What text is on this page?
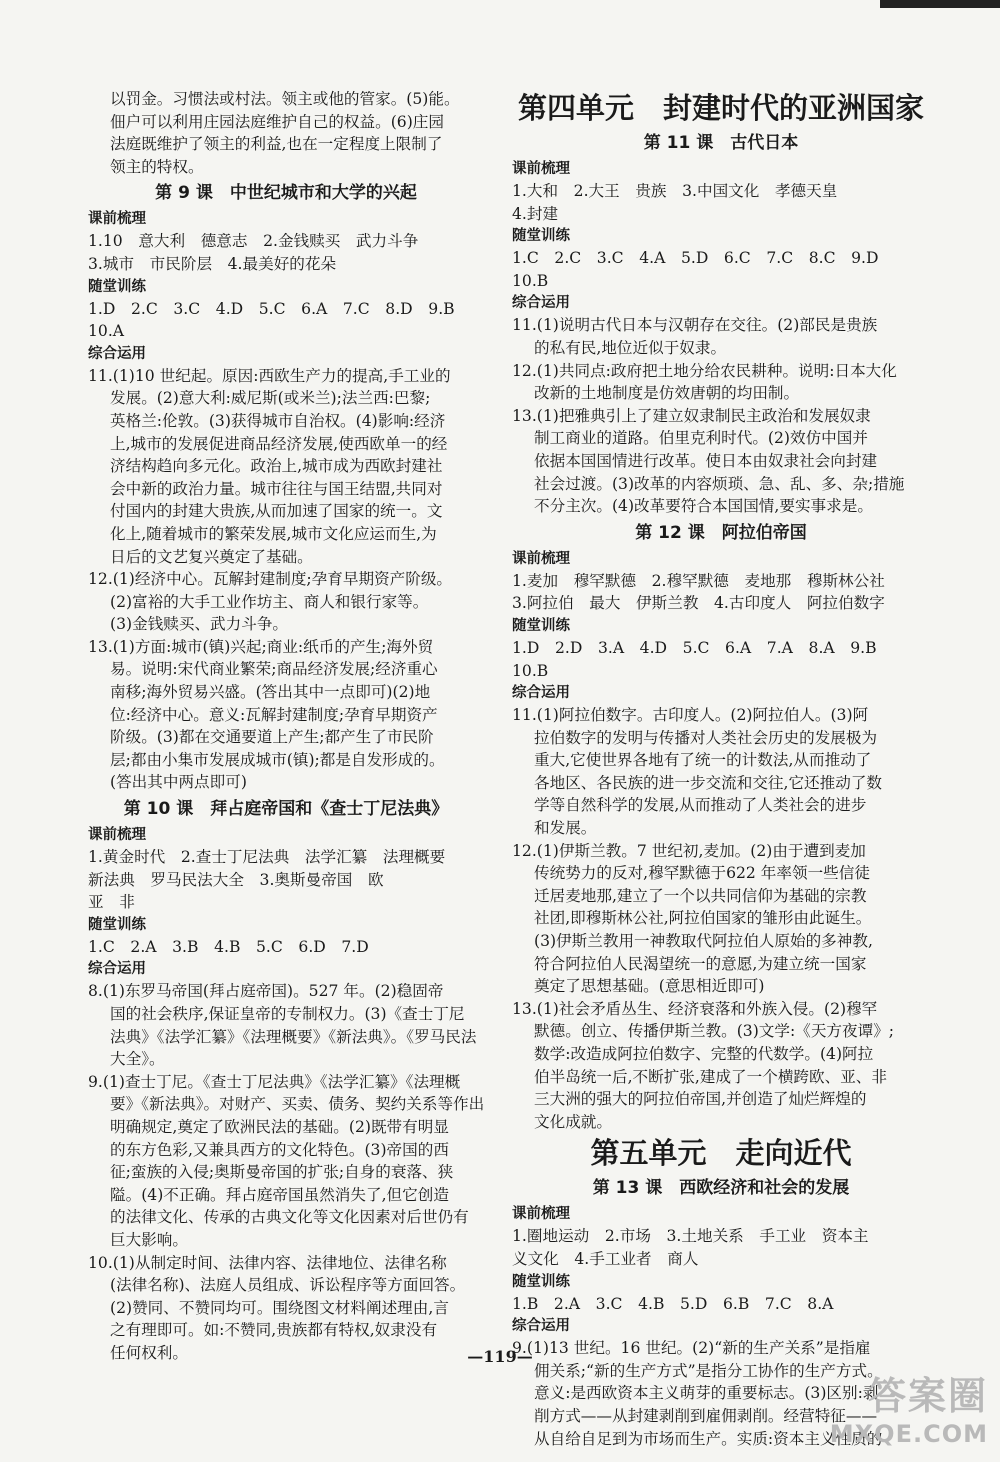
以罚金。习惯法或村法。领主或他的管家。(5)能。
佃户可以利用庄园法庭维护自己的权益。(6)庄园
法庭既维护了领主的利益,也在一定程度上限制了
领主的特权。
第 9 课　中世纪城市和大学的兴起
课前梳理
1.10　意大利　德意志　2.金钱赎买　武力斗争
3.城市　市民阶层　4.最美好的花朵
随堂训练
1.D　2.C　3.C　4.D　5.C　6.A　7.C　8.D　9.B
10.A
综合运用
11.(1)10 世纪起。原因:西欧生产力的提高,手工业的
发展。(2)意大利:威尼斯(或米兰);法兰西:巴黎;
英格兰:伦敦。(3)获得城市自治权。(4)影响:经济
上,城市的发展促进商品经济发展,使西欧单一的经
济结构趋向多元化。政治上,城市成为西欧封建社
会中新的政治力量。城市往往与国王结盟,共同对
付国内的封建大贵族,从而加速了国家的统一。文
化上,随着城市的繁荣发展,城市文化应运而生,为
日后的文艺复兴奠定了基础。
12.(1)经济中心。瓦解封建制度;孕育早期资产阶级。
(2)富裕的大手工业作坊主、商人和银行家等。
(3)金钱赎买、武力斗争。
13.(1)方面:城市(镇)兴起;商业:纸币的产生;海外贸
易。说明:宋代商业繁荣;商品经济发展;经济重心
南移;海外贸易兴盛。(答出其中一点即可)(2)地
位:经济中心。意义:瓦解封建制度;孕育早期资产
阶级。(3)都在交通要道上产生;都产生了市民阶
层;都由小集市发展成城市(镇);都是自发形成的。
(答出其中两点即可)
第 10 课　拜占庭帝国和《查士丁尼法典》
课前梳理
1.黄金时代　2.查士丁尼法典　法学汇纂　法理概要
新法典　罗马民法大全　3.奥斯曼帝国　欧
亚　非
随堂训练
1.C　2.A　3.B　4.B　5.C　6.D　7.D
综合运用
8.(1)东罗马帝国(拜占庭帝国)。527 年。(2)稳固帝
国的社会秩序,保证皇帝的专制权力。(3)《查士丁尼
法典》《法学汇纂》《法理概要》《新法典》。《罗马民法
大全》。
9.(1)查士丁尼。《查士丁尼法典》《法学汇纂》《法理概
要》《新法典》。对财产、买卖、债务、契约关系等作出
明确规定,奠定了欧洲民法的基础。(2)既带有明显
的东方色彩,又兼具西方的文化特色。(3)帝国的西
征;蛮族的入侵;奥斯曼帝国的扩张;自身的衰落、狭
隘。(4)不正确。拜占庭帝国虽然消失了,但它创造
的法律文化、传承的古典文化等文化因素对后世仍有
巨大影响。
10.(1)从制定时间、法律内容、法律地位、法律名称
(法律名称)、法庭人员组成、诉讼程序等方面回答。
(2)赞同、不赞同均可。围绕图文材料阐述理由,言
之有理即可。如:不赞同,贵族都有特权,奴隶没有
任何权利。
第四单元　封建时代的亚洲国家
第 11 课　古代日本
课前梳理
1.大和　2.大王　贵族　3.中国文化　孝德天皇
4.封建
随堂训练
1.C　2.C　3.C　4.A　5.D　6.C　7.C　8.C　9.D
10.B
综合运用
11.(1)说明古代日本与汉朝存在交往。(2)部民是贵族
的私有民,地位近似于奴隶。
12.(1)共同点:政府把土地分给农民耕种。说明:日本大化
改新的土地制度是仿效唐朝的均田制。
13.(1)把雅典引上了建立奴隶制民主政治和发展奴隶
制工商业的道路。伯里克利时代。(2)效仿中国并
依据本国国情进行改革。使日本由奴隶社会向封建
社会过渡。(3)改革的内容烦琐、急、乱、多、杂;措施
不分主次。(4)改革要符合本国国情,要实事求是。
第 12 课　阿拉伯帝国
课前梳理
1.麦加　穆罕默德　2.穆罕默德　麦地那　穆斯林公社
3.阿拉伯　最大　伊斯兰教　4.古印度人　阿拉伯数字
随堂训练
1.D　2.D　3.A　4.D　5.C　6.A　7.A　8.A　9.B
10.B
综合运用
11.(1)阿拉伯数字。古印度人。(2)阿拉伯人。(3)阿
拉伯数字的发明与传播对人类社会历史的发展极为
重大,它使世界各地有了统一的计数法,从而推动了
各地区、各民族的进一步交流和交往,它还推动了数
学等自然科学的发展,从而推动了人类社会的进步
和发展。
12.(1)伊斯兰教。7 世纪初,麦加。(2)由于遭到麦加
传统势力的反对,穆罕默德于622 年率领一些信徒
迁居麦地那,建立了一个以共同信仰为基础的宗教
社团,即穆斯林公社,阿拉伯国家的雏形由此诞生。
(3)伊斯兰教用一神教取代阿拉伯人原始的多神教,
符合阿拉伯人民渴望统一的意愿,为建立统一国家
奠定了思想基础。(意思相近即可)
13.(1)社会矛盾丛生、经济衰落和外族入侵。(2)穆罕
默德。创立、传播伊斯兰教。(3)文学:《天方夜谭》;
数学:改造成阿拉伯数字、完整的代数学。(4)阿拉
伯半岛统一后,不断扩张,建成了一个横跨欧、亚、非
三大洲的强大的阿拉伯帝国,并创造了灿烂辉煌的
文化成就。
第五单元　走向近代
第 13 课　西欧经济和社会的发展
课前梳理
1.圈地运动　2.市场　3.土地关系　手工业　资本主
义文化　4.手工业者　商人
随堂训练
1.B　2.A　3.C　4.B　5.D　6.B　7.C　8.A
综合运用
9.(1)13 世纪。16 世纪。(2)“新的生产关系”是指雇
佣关系;“新的生产方式”是指分工协作的生产方式。
意义:是西欧资本主义萌芽的重要标志。(3)区别:剥
削方式——从封建剥削到雇佣剥削。经营特征——
从自给自足到为市场而生产。实质:资本主义性质的
—119—
答案圈
MXQE.COM
